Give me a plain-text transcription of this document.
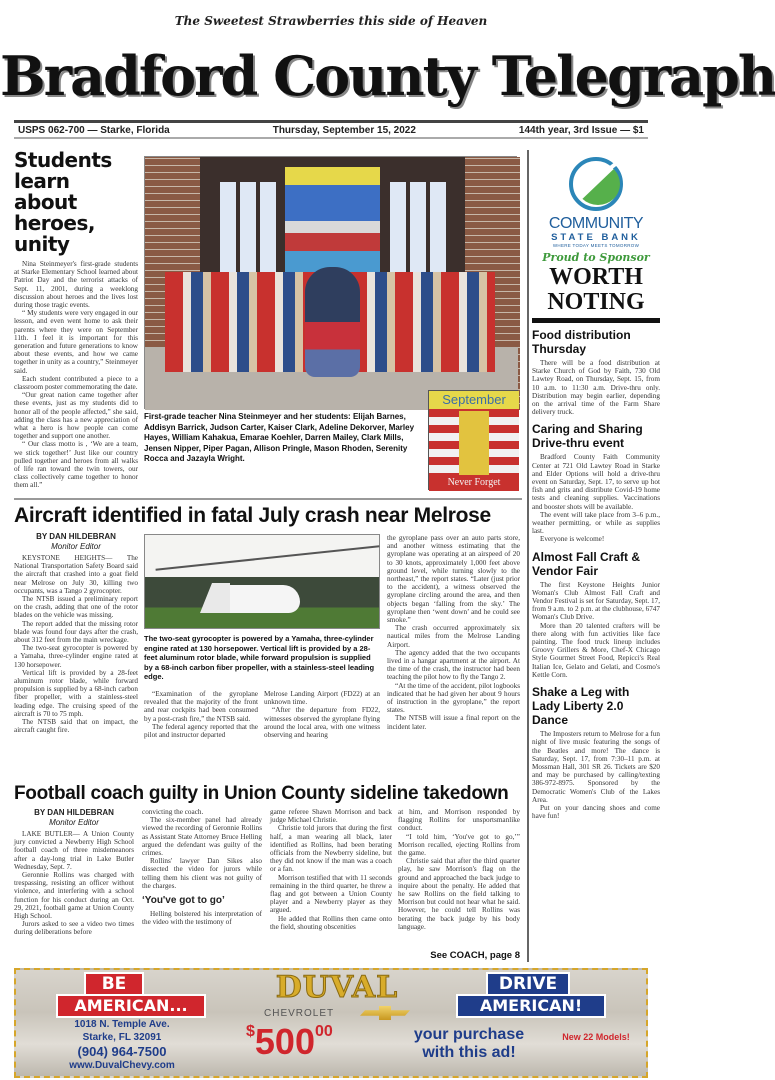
The Sweetest Strawberries this side of Heaven
Bradford County Telegraph
USPS 062-700 — Starke, Florida	Thursday, September 15, 2022	144th year, 3rd Issue — $1
Students learn about heroes, unity

Nina Steinmeyer's first-grade students at Starke Elementary School learned about Patriot Day and the terrorist attacks of Sept. 11, 2001, during a weeklong discussion about heroes and the lives lost during those tragic events.

“ My students were very engaged in our lesson, and even went home to ask their parents where they were on September 11th. I feel it is important for this generation and future generations to know about these events, and how we came together in unity as a country,” Steinmeyer said.

Each student contributed a piece to a classroom poster commemorating the date.

“Our great nation came together after these events, just as my students did to honor all of the people affected,” she said, adding the class has a new appreciation of what a hero is how people can come together and support one another.

“ Our class motto is , ‘We are a team, we stick together!’ Just like our country pulled together and heroes from all walks of life ran toward the twin towers, our class collectively came together to honor them all.”

September
Never Forget
First-grade teacher Nina Steinmeyer and her students: Elijah Barnes, Addisyn Barrick, Judson Carter, Kaiser Clark, Adeline Dekorver, Marley Hayes, William Kahakua, Emarae Koehler, Darren Mailey, Clark Mills, Jensen Nipper, Piper Pagan, Allison Pringle, Mason Rhoden, Serenity Rocca and Jazayla Wright.
Aircraft identified in fatal July crash near Melrose
BY DAN HILDEBRAN
Monitor Editor

KEYSTONE HEIGHTS— The National Transportation Safety Board said the aircraft that crashed into a goat field near Melrose on July 30, killing two occupants, was a Tango 2 gyrocopter.

The NTSB issued a preliminary report on the crash, adding that one of the rotor blades on the vehicle was missing.

The report added that the missing rotor blade was found four days after the crash, about 312 feet from the main wreckage.

The two-seat gyrocopter is powered by a Yamaha, three-cylinder engine rated at 130 horsepower.

Vertical lift is provided by a 28-feet aluminum rotor blade, while forward propulsion is supplied by a 68-inch carbon fiber propeller, with a stainless-steel leading edge. The cruising speed of the aircraft is 70 to 75 mph.

The NTSB said that on impact, the aircraft caught fire.

The two-seat gyrocopter is powered by a Yamaha, three-cylinder engine rated at 130 horsepower. Vertical lift is provided by a 28-feet aluminum rotor blade, while forward propulsion is supplied by a 68-inch carbon fiber propeller, with a stainless-steel leading edge.

“Examination of the gyroplane revealed that the majority of the front and rear cockpits had been consumed by a post-crash fire,” the NTSB said.

The federal agency reported that the pilot and instructor departed

Melrose Landing Airport (FD22) at an unknown time.

“After the departure from FD22, witnesses observed the gyroplane flying around the local area, with one witness observing and hearing

the gyroplane pass over an auto parts store, and another witness estimating that the gyroplane was operating at an airspeed of 20 to 30 knots, approximately 1,000 feet above ground level, while turning slowly to the northeast,” the report states. “Later (just prior to the accident), a witness observed the gyroplane circling around the area, and then objects began ‘falling from the sky.’ The gyroplane then ‘went down’ and he could see smoke.”

The crash occurred approximately six nautical miles from the Melrose Landing Airport.

The agency added that the two occupants lived in a hangar apartment at the airport. At the time of the crash, the instructor had been teaching the pilot how to fly the Tango 2.

“At the time of the accident, pilot logbooks indicated that he had given her about 9 hours of instruction in the gyroplane,” the report states.

The NTSB will issue a final report on the incident later.

Football coach guilty in Union County sideline takedown
BY DAN HILDEBRAN
Monitor Editor

LAKE BUTLER— A Union County jury convicted a Newberry High School football coach of three misdemeanors after a day-long trial in Lake Butler Wednesday, Sept. 7.

Geronnie Rollins was charged with trespassing, resisting an officer without violence, and interfering with a school function for his conduct during an Oct. 29, 2021, football game at Union County High School.

Jurors asked to see a video two times during deliberations before

convicting the coach.

The six-member panel had already viewed the recording of Geronnie Rollins as Assistant State Attorney Bruce Helling argued the defendant was guilty of the crimes.

Rollins' lawyer Dan Sikes also dissected the video for jurors while telling them his client was not guilty of the charges.

‘You've got to go’

Helling bolstered his interpretation of the video with the testimony of

game referee Shawn Morrison and back judge Michael Christie.

Christie told jurors that during the first half, a man wearing all black, later identified as Rollins, had been berating officials from the Newberry sideline, but they did not know if the man was a coach or a fan.

Morrison testified that with 11 seconds remaining in the third quarter, he threw a flag and got between a Union County player and a Newberry player as they argued.

He added that Rollins then came onto the field, shouting obscenities

at him, and Morrison responded by flagging Rollins for unsportsmanlike conduct.

“I told him, ‘You've got to go,’” Morrison recalled, ejecting Rollins from the game.

Christie said that after the third quarter play, he saw Morrison's flag on the ground and approached the back judge to inquire about the penalty. He added that he saw Rollins on the field talking to Morrison but could not hear what he said. However, he could tell Rollins was berating the back judge by his body language.

See COACH, page 8
COMMUNITY
STATE BANK
WHERE TODAY MEETS TOMORROW
Proud to Sponsor
WORTH
NOTING
Food distribution Thursday

There will be a food distribution at Starke Church of God by Faith, 730 Old Lawtey Road, on Thursday, Sept. 15, from 10 a.m. to 11:30 a.m. Drive-thru only. Distribution may begin earlier, depending on the arrival time of the Farm Share delivery truck.

Caring and Sharing Drive-thru event

Bradford County Faith Community Center at 721 Old Lawtey Road in Starke and Elder Options will hold a drive-thru event on Saturday, Sept. 17, to serve up hot fish and grits and distribute Covid-19 home tests and cleaning supplies. Vaccinations and booster shots will be available.

The event will take place from 3–6 p.m., weather permitting, or while as supplies last.

Everyone is welcome!

Almost Fall Craft & Vendor Fair

The first Keystone Heights Junior Woman's Club Almost Fall Craft and Vendor Festival is set for Saturday, Sept. 17, from 9 a.m. to 2 p.m. at the clubhouse, 6747 Woman's Club Drive.

More than 20 talented crafters will be there along with fun activities like face painting. The food truck lineup includes Groovy Grillers & More, Chef-X Chicago Style Gourmet Street Food, Repicci's Real Italian Ice, Gelato and Gelati, and Cosmo's Kettle Corn.

Shake a Leg with Lady Liberty 2.0 Dance

The Imposters return to Melrose for a fun night of live music featuring the songs of the Beatles and more! The dance is Saturday, Sept. 17, from 7:30–11 p.m. at Mossman Hall, 301 SR 26. Tickets are $20 and may be purchased by calling/texting 386-972-8975. Sponsored by the Democratic Women's Club of the Lakes Area.

Put on your dancing shoes and come have fun!

BE
AMERICAN...
DUVAL
CHEVROLET
DRIVE
AMERICAN!
1018 N. Temple Ave.
Starke, FL 32091
(904) 964-7500
www.DuvalChevy.com
$50000	your purchase
with this ad!
New 22 Models!
